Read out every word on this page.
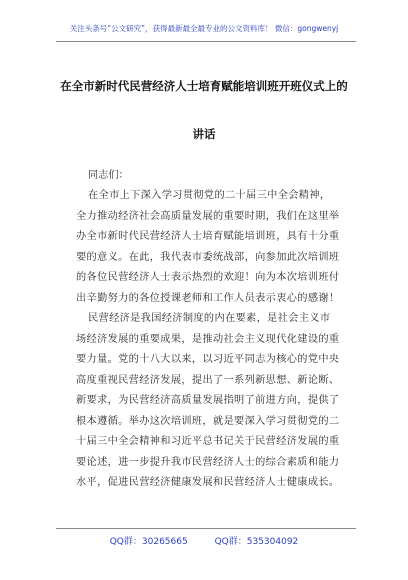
关注头条号“公文研究”，获得最新最全最专业的公文资料库！ 微信：gongwenyj
在全市新时代民营经济人士培育赋能培训班开班仪式上的
讲话
同志们：
在全市上下深入学习贯彻党的二十届三中全会精神，
全力推动经济社会高质量发展的重要时期，我们在这里举
办全市新时代民营经济人士培育赋能培训班，具有十分重
要的意义。在此，我代表市委统战部，向参加此次培训班
的各位民营经济人士表示热烈的欢迎！向为本次培训班付
出辛勤努力的各位授课老师和工作人员表示衷心的感谢！
民营经济是我国经济制度的内在要素，是社会主义市
场经济发展的重要成果，是推动社会主义现代化建设的重
要力量。党的十八大以来，以习近平同志为核心的党中央
高度重视民营经济发展，提出了一系列新思想、新论断、
新要求，为民营经济高质量发展指明了前进方向，提供了
根本遵循。举办这次培训班，就是要深入学习贯彻党的二
十届三中全会精神和习近平总书记关于民营经济发展的重
要论述，进一步提升我市民营经济人士的综合素质和能力
水平，促进民营经济健康发展和民营经济人士健康成长。
QQ群：30265665	QQ群：535304092
